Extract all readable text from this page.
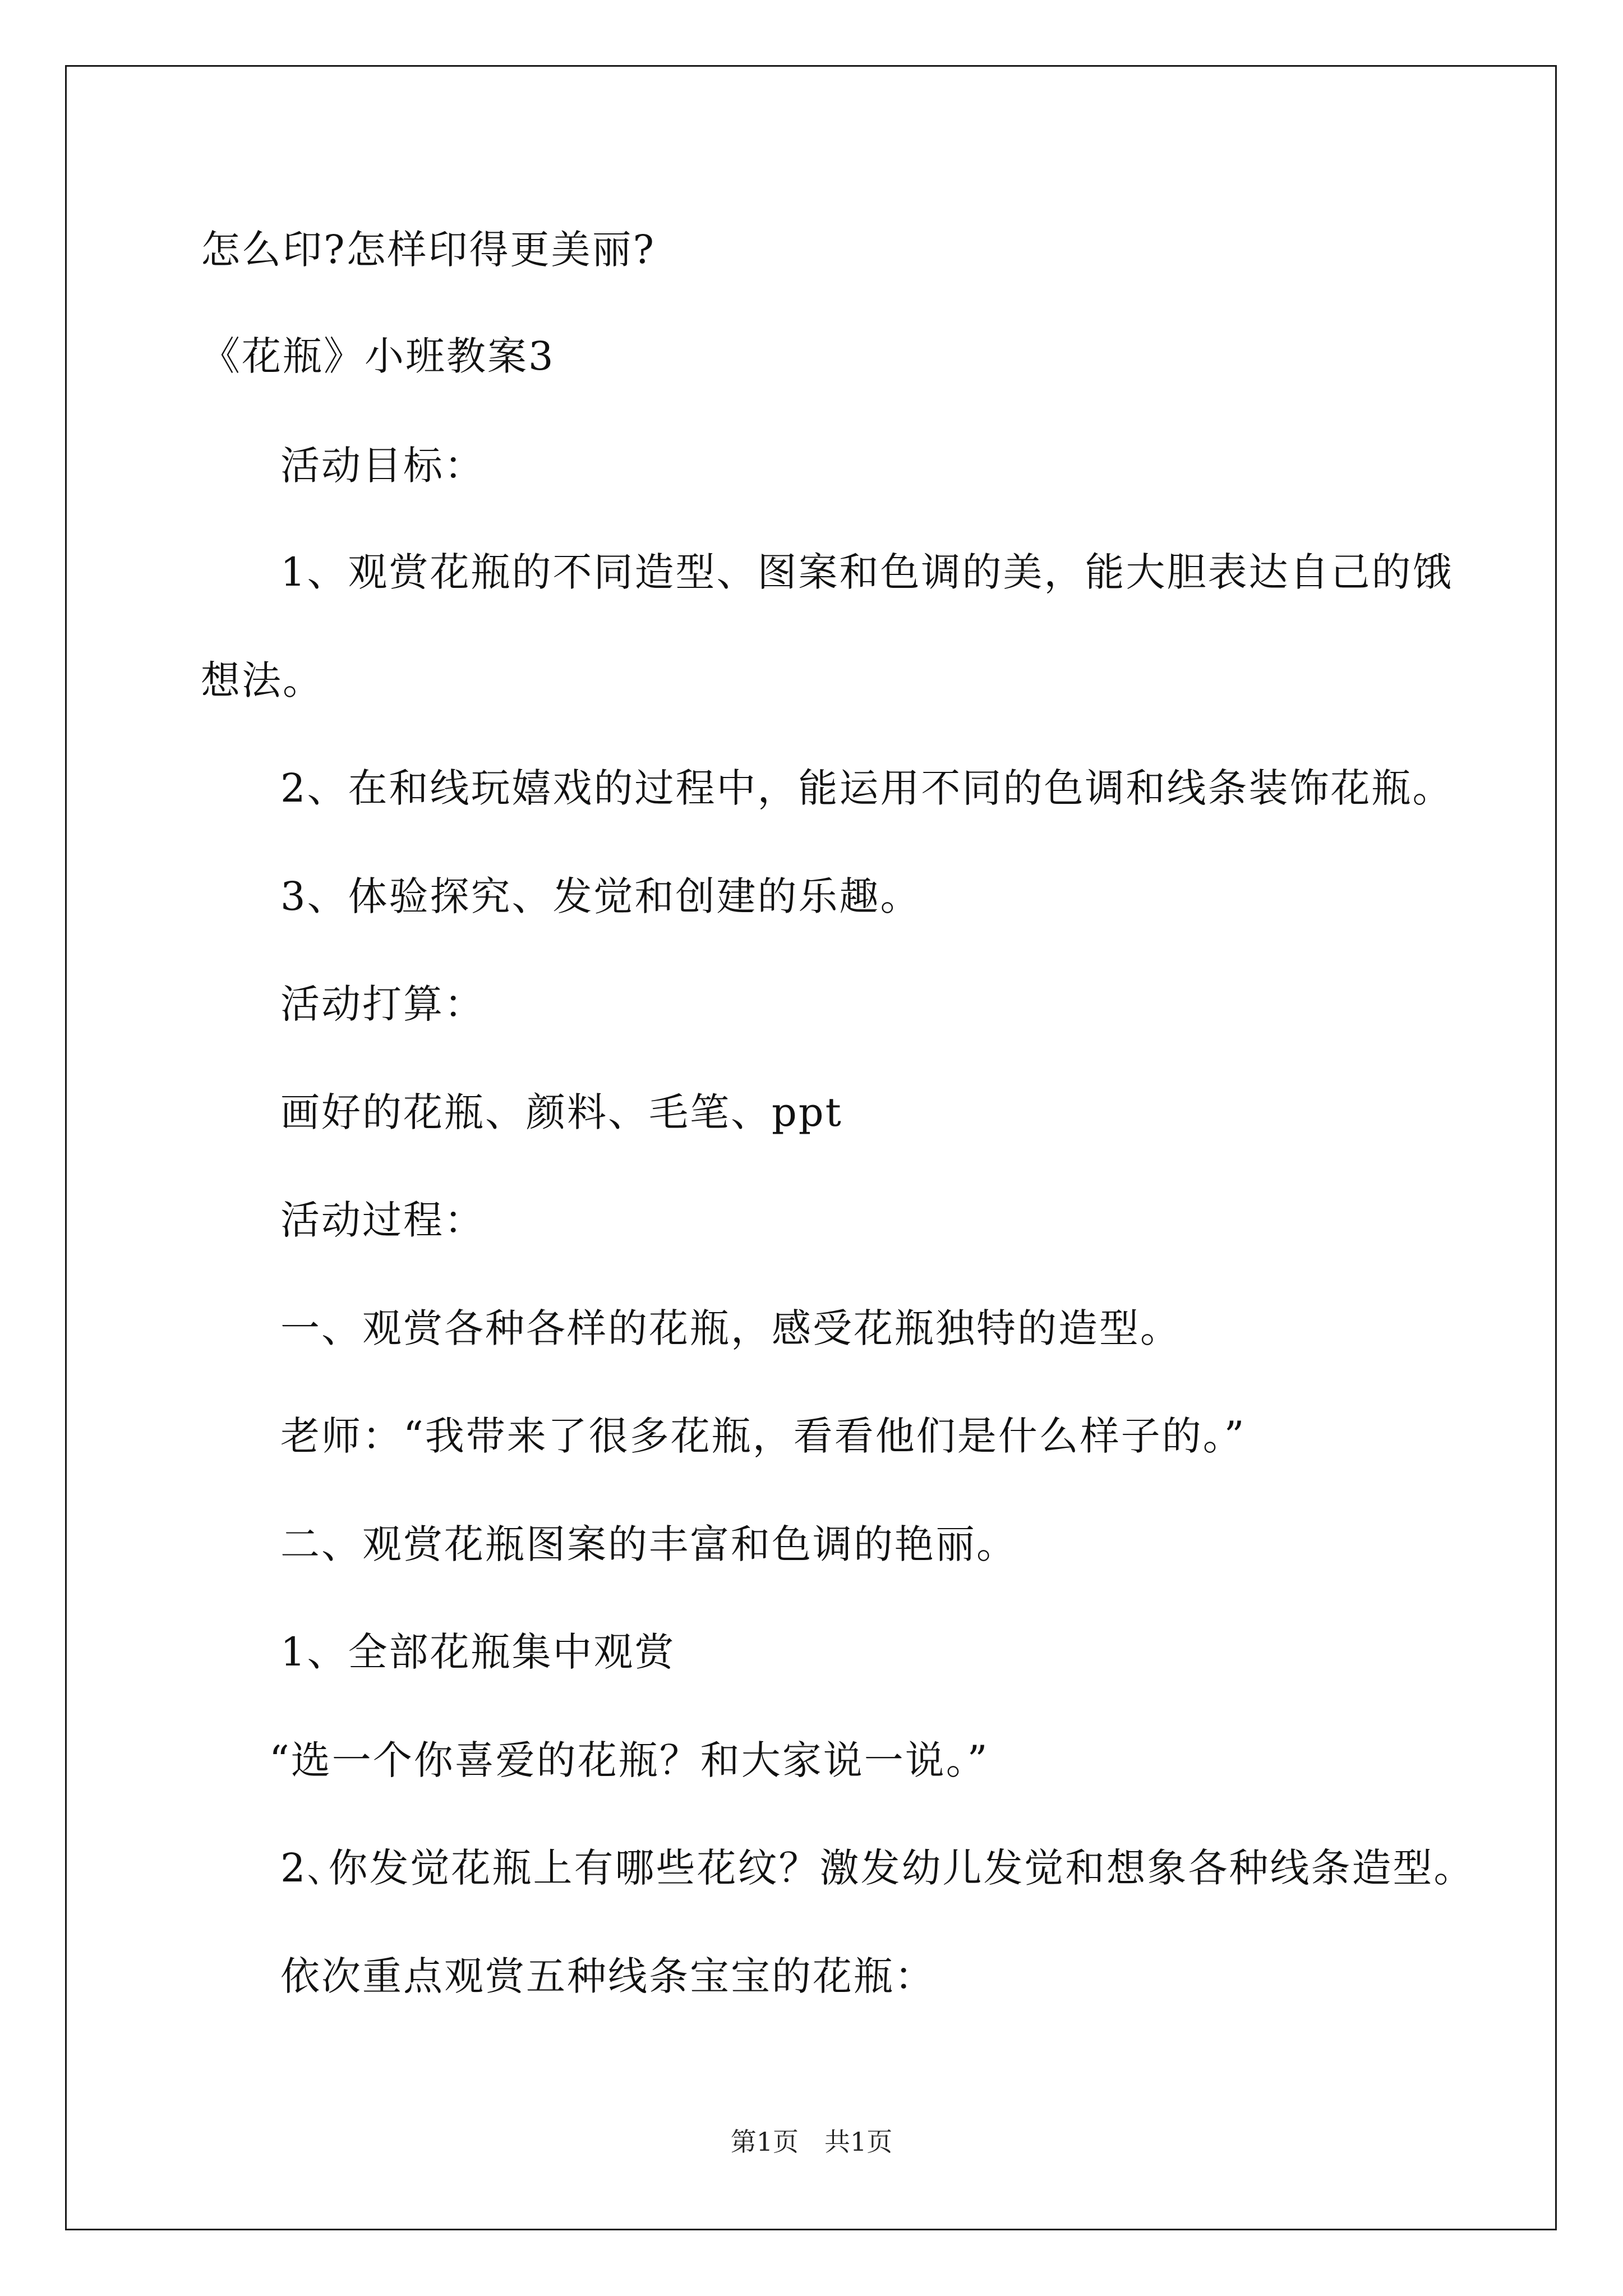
怎么印?怎样印得更美丽?
《花瓶》小班教案3
活动目标：
1、观赏花瓶的不同造型、图案和色调的美，能大胆表达自己的饿
想法。
2、在和线玩嬉戏的过程中，能运用不同的色调和线条装饰花瓶。
3、体验探究、发觉和创建的乐趣。
活动打算：
画好的花瓶、颜料、毛笔、ppt
活动过程：
一、观赏各种各样的花瓶，感受花瓶独特的造型。
老师：“我带来了很多花瓶，看看他们是什么样子的。”
二、观赏花瓶图案的丰富和色调的艳丽。
1、全部花瓶集中观赏
“选一个你喜爱的花瓶？和大家说一说。”
2､你发觉花瓶上有哪些花纹？激发幼儿发觉和想象各种线条造型。
依次重点观赏五种线条宝宝的花瓶：
第1页　共1页
